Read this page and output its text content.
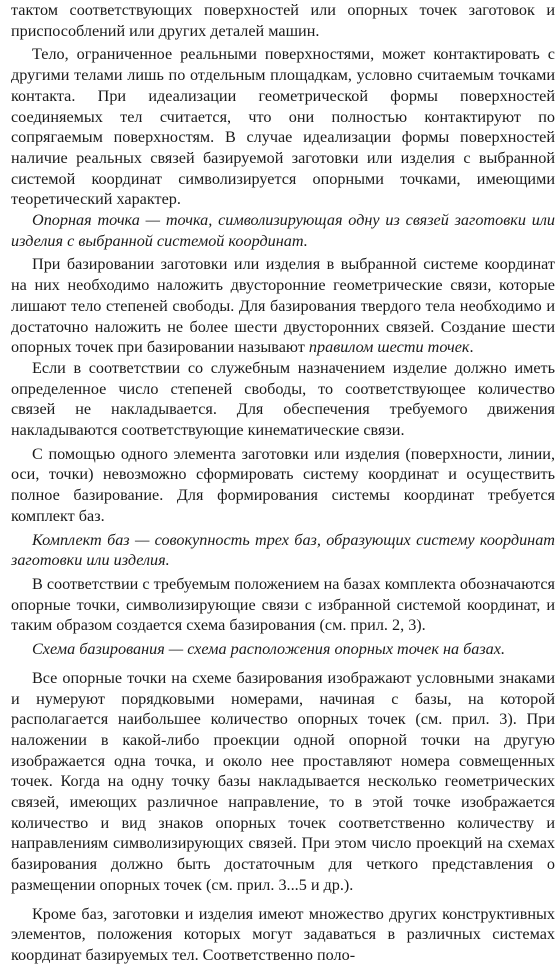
тактом соответствующих поверхностей или опорных точек заготовок и приспособлений или других деталей машин.

Тело, ограниченное реальными поверхностями, может контактировать с другими телами лишь по отдельным площадкам, условно считаемым точками контакта. При идеализации геометрической формы поверхностей соединяемых тел считается, что они полностью контактируют по сопрягаемым поверхностям. В случае идеализации формы поверхностей наличие реальных связей базируемой заготовки или изделия с выбранной системой координат символизируется опорными точками, имеющими теоретический характер.

Опорная точка — точка, символизирующая одну из связей заготовки или изделия с выбранной системой координат.

При базировании заготовки или изделия в выбранной системе координат на них необходимо наложить двусторонние геометрические связи, которые лишают тело степеней свободы. Для базирования твердого тела необходимо и достаточно наложить не более шести двусторонних связей. Создание шести опорных точек при базировании называют правилом шести точек.

Если в соответствии со служебным назначением изделие должно иметь определенное число степеней свободы, то соответствующее количество связей не накладывается. Для обеспечения требуемого движения накладываются соответствующие кинематические связи.

С помощью одного элемента заготовки или изделия (поверхности, линии, оси, точки) невозможно сформировать систему координат и осуществить полное базирование. Для формирования системы координат требуется комплект баз.

Комплект баз — совокупность трех баз, образующих систему координат заготовки или изделия.

В соответствии с требуемым положением на базах комплекта обозначаются опорные точки, символизирующие связи с избранной системой координат, и таким образом создается схема базирования (см. прил. 2, 3).

Схема базирования — схема расположения опорных точек на базах.

Все опорные точки на схеме базирования изображают условными знаками и нумеруют порядковыми номерами, начиная с базы, на которой располагается наибольшее количество опорных точек (см. прил. 3). При наложении в какой-либо проекции одной опорной точки на другую изображается одна точка, и около нее проставляют номера совмещенных точек. Когда на одну точку базы накладывается несколько геометрических связей, имеющих различное направление, то в этой точке изображается количество и вид знаков опорных точек соответственно количеству и направлениям символизирующих связей. При этом число проекций на схемах базирования должно быть достаточным для четкого представления о размещении опорных точек (см. прил. 3...5 и др.).

Кроме баз, заготовки и изделия имеют множество других конструктивных элементов, положения которых могут задаваться в различных системах координат базируемых тел. Соответственно поло-
